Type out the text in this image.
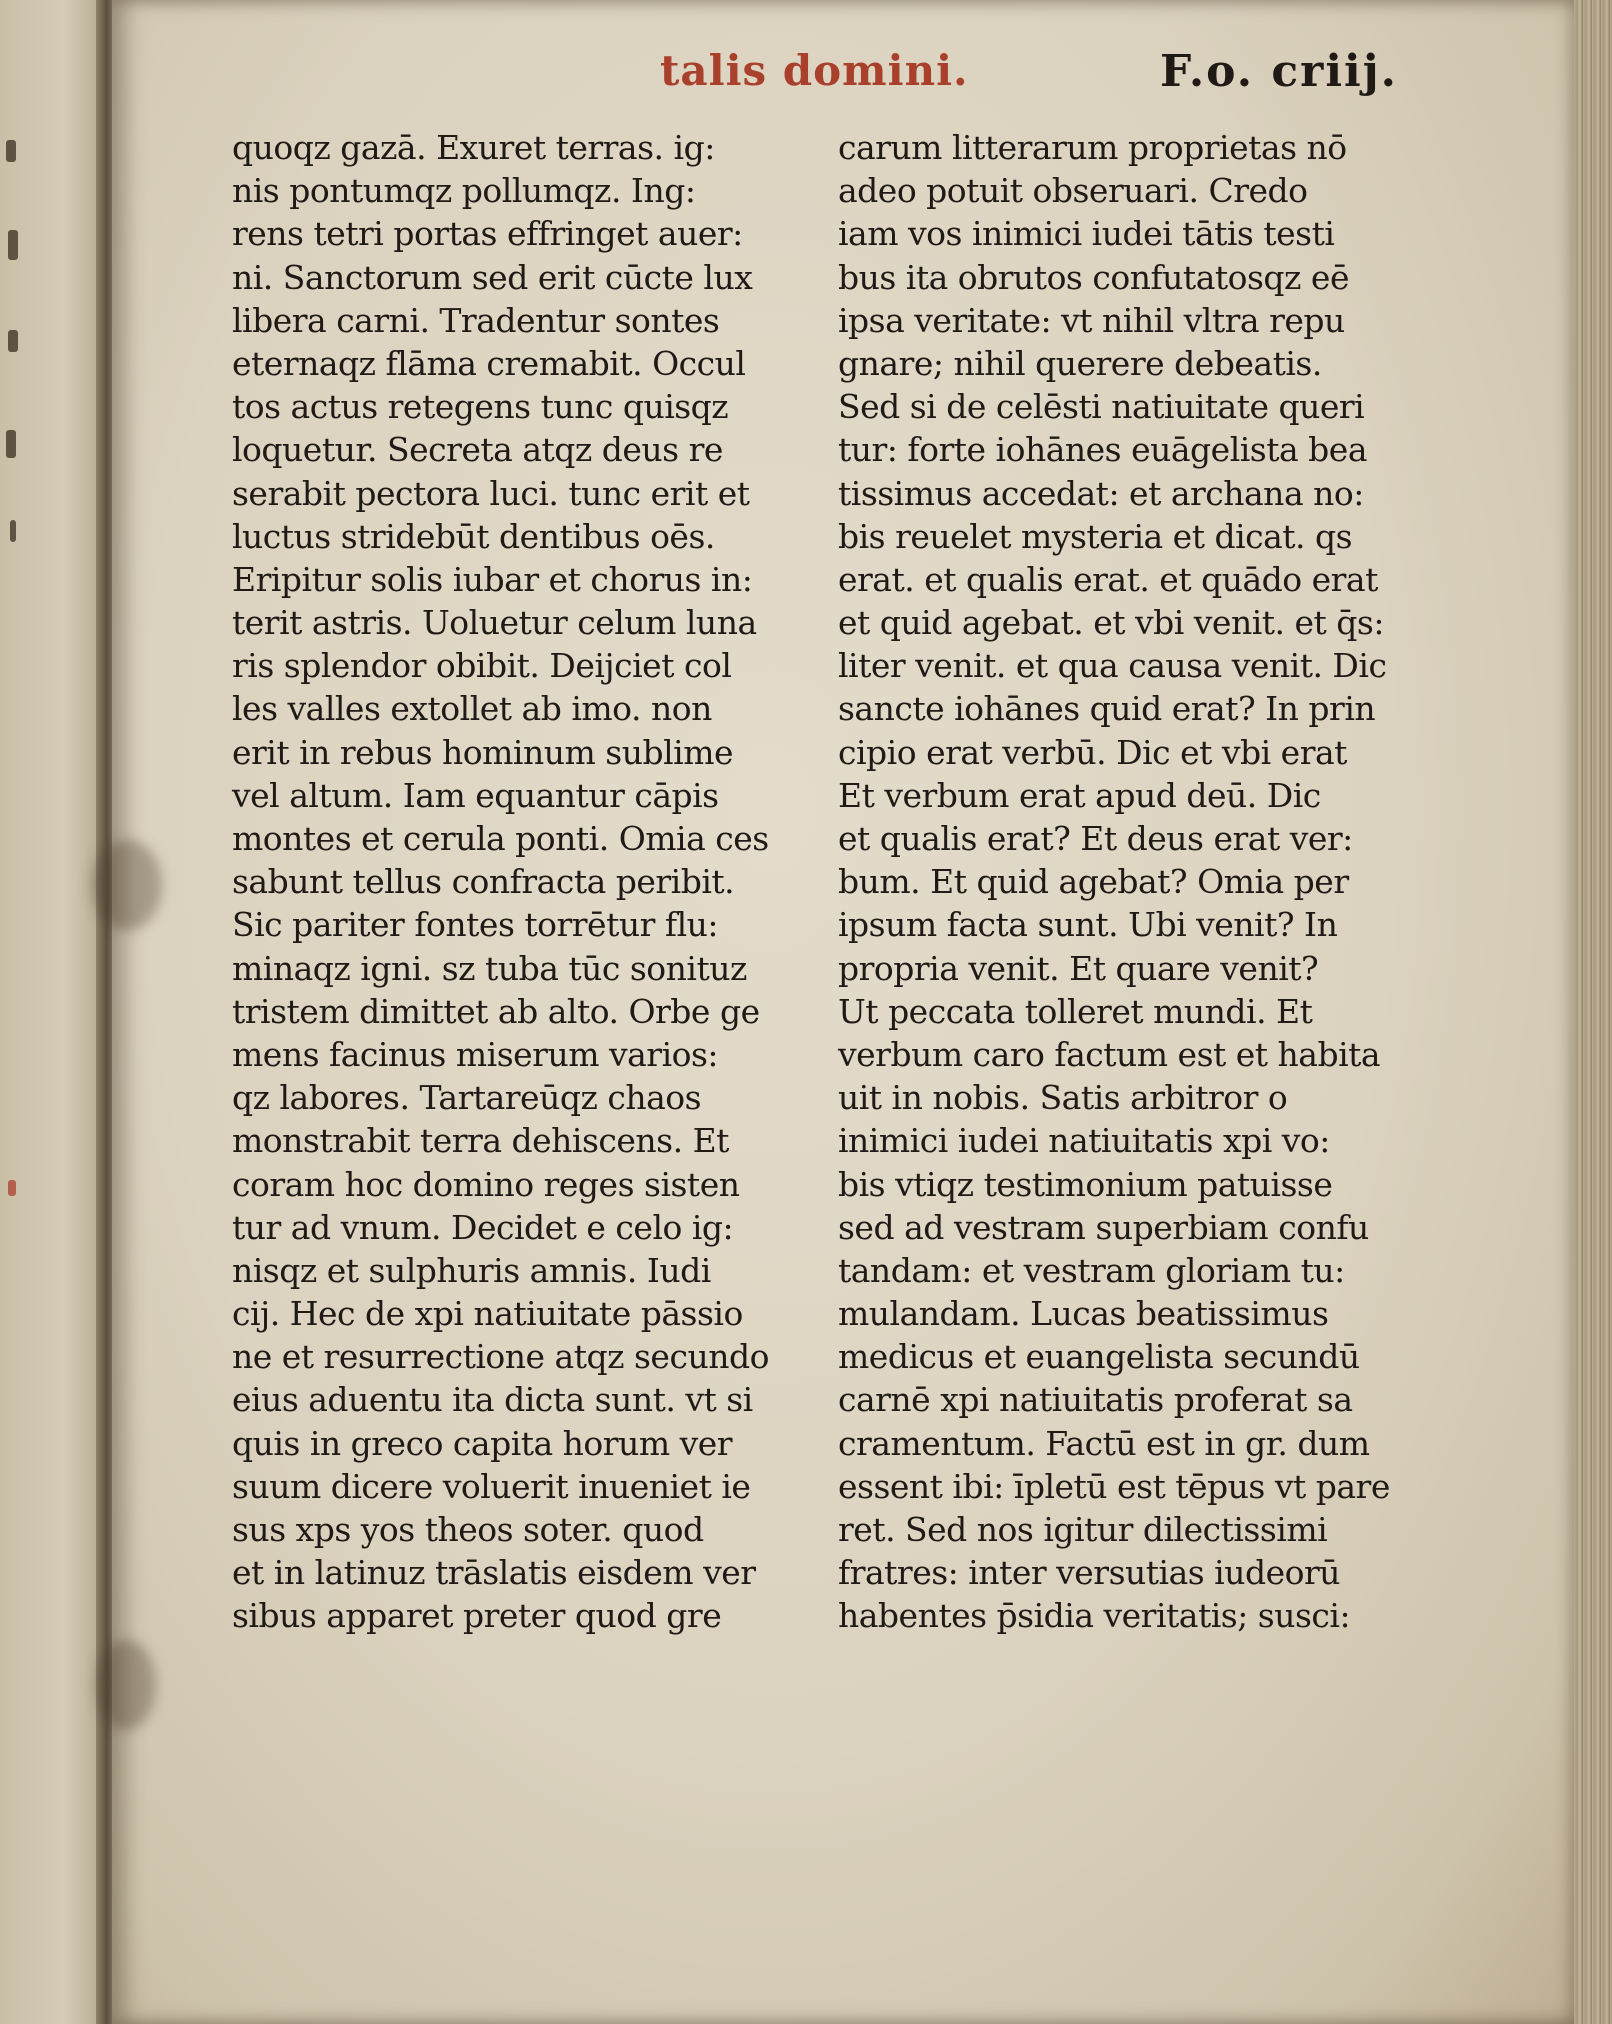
talis domini.	F.o. criij.
quoqz gazā. Exuret terras. ig:
nis pontumqz pollumqz. Ing:
rens tetri portas effringet auer:
ni. Sanctorum sed erit cūcte lux
libera carni. Tradentur sontes
eternaqz flāma cremabit. Occul
tos actus retegens tunc quisqz
loquetur. Secreta atqz deus re
serabit pectora luci. tunc erit et
luctus stridebūt dentibus oēs.
Eripitur solis iubar et chorus in:
terit astris. Uoluetur celum luna
ris splendor obibit. Deijciet col
les valles extollet ab imo. non
erit in rebus hominum sublime
vel altum. Iam equantur cāpis
montes et cerula ponti. Omia ces
sabunt tellus confracta peribit.
Sic pariter fontes torrētur flu:
minaqz igni. sz tuba tūc sonituz
tristem dimittet ab alto. Orbe ge
mens facinus miserum varios:
qz labores. Tartareūqz chaos
monstrabit terra dehiscens. Et
coram hoc domino reges sisten
tur ad vnum. Decidet e celo ig:
nisqz et sulphuris amnis. Iudi
cij. Hec de xpi natiuitate pāssio
ne et resurrectione atqz secundo
eius aduentu ita dicta sunt. vt si
quis in greco capita horum ver
suum dicere voluerit inueniet ie
sus xps yos theos soter. quod
et in latinuz trāslatis eisdem ver
sibus apparet preter quod gre
carum litterarum proprietas nō
adeo potuit obseruari. Credo
iam vos inimici iudei tātis testi
bus ita obrutos confutatosqz eē
ipsa veritate: vt nihil vltra repu
gnare; nihil querere debeatis.
Sed si de celēsti natiuitate queri
tur: forte iohānes euāgelista bea
tissimus accedat: et archana no:
bis reuelet mysteria et dicat. qs
erat. et qualis erat. et quādo erat
et quid agebat. et vbi venit. et q̄s:
liter venit. et qua causa venit. Dic
sancte iohānes quid erat? In prin
cipio erat verbū. Dic et vbi erat
Et verbum erat apud deū. Dic
et qualis erat? Et deus erat ver:
bum. Et quid agebat? Omia per
ipsum facta sunt. Ubi venit? In
propria venit. Et quare venit?
Ut peccata tolleret mundi. Et
verbum caro factum est et habita
uit in nobis. Satis arbitror o
inimici iudei natiuitatis xpi vo:
bis vtiqz testimonium patuisse
sed ad vestram superbiam confu
tandam: et vestram gloriam tu:
mulandam. Lucas beatissimus
medicus et euangelista secundū
carnē xpi natiuitatis proferat sa
cramentum. Factū est in gr. dum
essent ibi: īpletū est tēpus vt pare
ret. Sed nos igitur dilectissimi
fratres: inter versutias iudeorū
habentes p̄sidia veritatis; susci:
